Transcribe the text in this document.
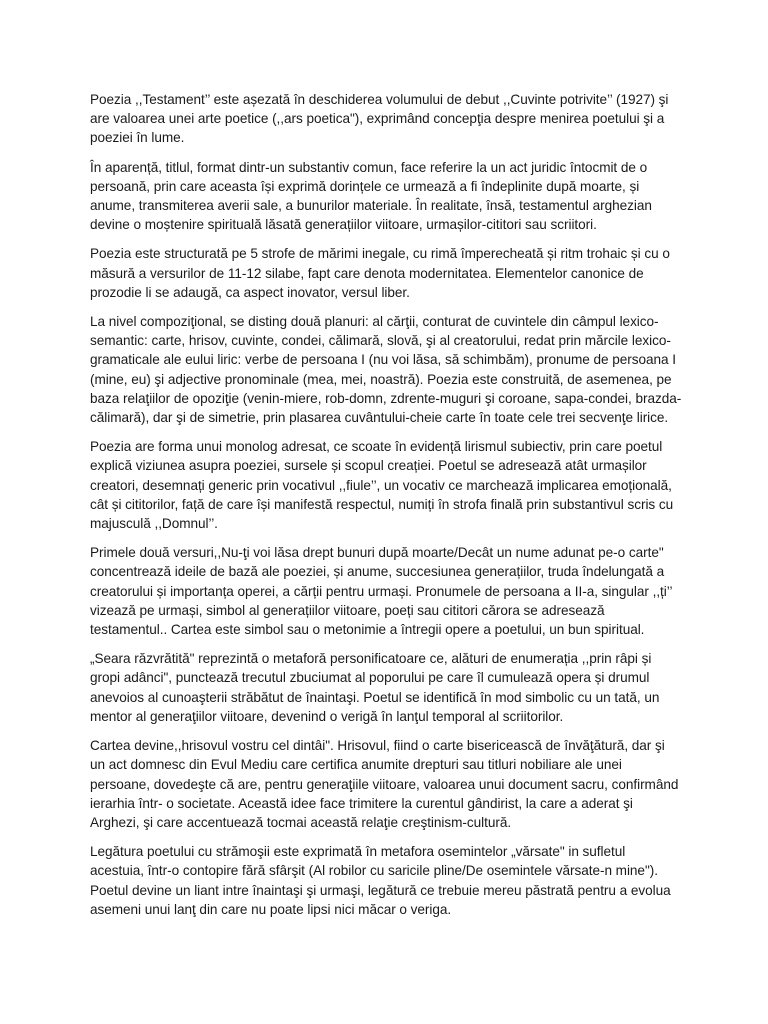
Poezia ,,Testament’’ este așezată în deschiderea volumului de debut ,,Cuvinte potrivite’’ (1927) şi are valoarea unei arte poetice (,,ars poetica"), exprimând concepţia despre menirea poetului şi a poeziei în lume.

În aparență, titlul, format dintr-un substantiv comun, face referire la un act juridic întocmit de o persoană, prin care aceasta își exprimă dorințele ce urmează a fi îndeplinite după moarte, și anume, transmiterea averii sale, a bunurilor materiale. În realitate, însă, testamentul arghezian devine o moștenire spirituală lăsată generațiilor viitoare, urmașilor-cititori sau scriitori.

Poezia este structurată pe 5 strofe de mărimi inegale, cu rimă împerecheată și ritm trohaic și cu o măsură a versurilor de 11-12 silabe, fapt care denota modernitatea. Elementelor canonice de prozodie li se adaugă, ca aspect inovator, versul liber.

La nivel compoziţional, se disting două planuri: al cărţii, conturat de cuvintele din câmpul lexico-semantic: carte, hrisov, cuvinte, condei, călimară, slovă, şi al creatorului, redat prin mărcile lexico-gramaticale ale eului liric: verbe de persoana I (nu voi lăsa, să schimbăm), pronume de persoana I (mine, eu) şi adjective pronominale (mea, mei, noastră). Poezia este construită, de asemenea, pe baza relaţiilor de opoziţie (venin-miere, rob-domn, zdrente-muguri şi coroane, sapa-condei, brazda-călimară), dar şi de simetrie, prin plasarea cuvântului-cheie carte în toate cele trei secvenţe lirice.

Poezia are forma unui monolog adresat, ce scoate în evidență lirismul subiectiv, prin care poetul explică viziunea asupra poeziei, sursele și scopul creației. Poetul se adresează atât urmașilor creatori, desemnați generic prin vocativul ,,fiule’’, un vocativ ce marchează implicarea emoțională, cât și cititorilor, față de care își manifestă respectul, numiți în strofa finală prin substantivul scris cu majusculă ,,Domnul’’.

Primele două versuri,,Nu-ţi voi lăsa drept bunuri după moarte/Decât un nume adunat pe-o carte" concentrează ideile de bază ale poeziei, și anume, succesiunea generațiilor, truda îndelungată a creatorului și importanța operei, a cărții pentru urmași. Pronumele de persoana a II-a, singular ,,ți’’ vizează pe urmași, simbol al generațiilor viitoare, poeți sau cititori cărora se adresează testamentul.. Cartea este simbol sau o metonimie a întregii opere a poetului, un bun spiritual.

„Seara răzvrătită" reprezintă o metaforă personificatoare ce, alături de enumerația ,,prin râpi și gropi adânci", punctează trecutul zbuciumat al poporului pe care îl cumulează opera și drumul anevoios al cunoaşterii străbătut de înaintaşi. Poetul se identifică în mod simbolic cu un tată, un mentor al generaţiilor viitoare, devenind o verigă în lanţul temporal al scriitorilor.

Cartea devine,,hrisovul vostru cel dintâi". Hrisovul, fiind o carte bisericească de învăţătură, dar şi un act domnesc din Evul Mediu care certifica anumite drepturi sau titluri nobiliare ale unei persoane, dovedeşte că are, pentru generaţiile viitoare, valoarea unui document sacru, confirmând ierarhia într- o societate. Această idee face trimitere la curentul gândirist, la care a aderat şi Arghezi, şi care accentuează tocmai această relaţie creştinism-cultură.

Legătura poetului cu strămoşii este exprimată în metafora osemintelor „vărsate" in sufletul acestuia, într-o contopire fără sfârşit (Al robilor cu saricile pline/De osemintele vărsate-n mine"). Poetul devine un liant intre înaintaşi şi urmaşi, legătură ce trebuie mereu păstrată pentru a evolua asemeni unui lanţ din care nu poate lipsi nici măcar o veriga.
